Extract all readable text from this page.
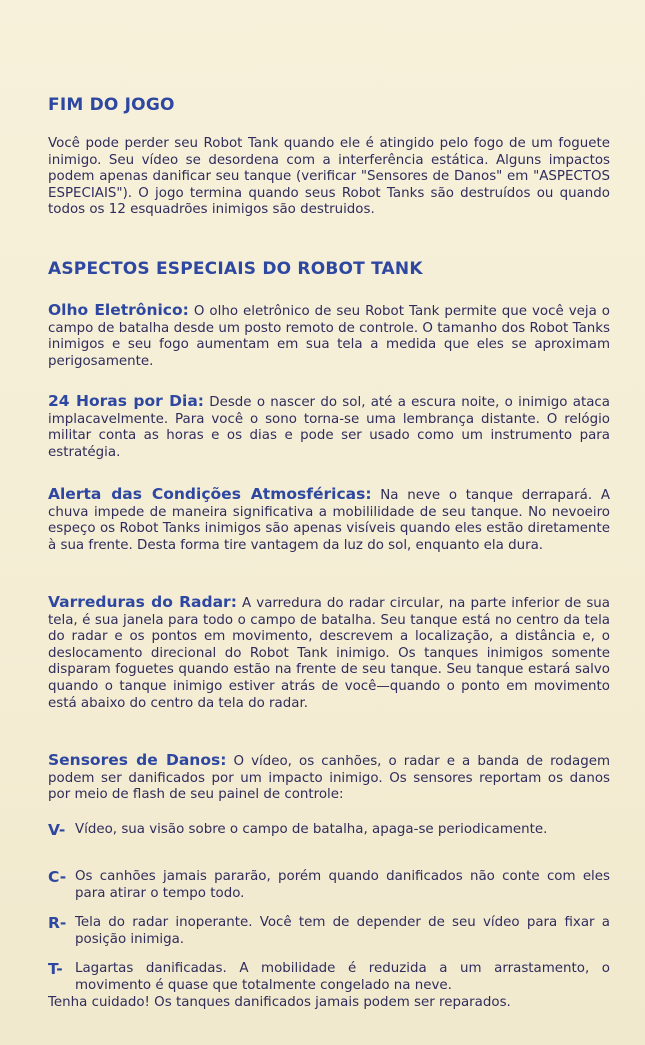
FIM DO JOGO

Você pode perder seu Robot Tank quando ele é atingido pelo fogo de um foguete inimigo. Seu vídeo se desordena com a interferência estática. Alguns impactos podem apenas danificar seu tanque (verificar "Sensores de Danos" em "ASPECTOS ESPECIAIS"). O jogo termina quando seus Robot Tanks são destruídos ou quando todos os 12 esquadrões inimigos são destruidos.

ASPECTOS ESPECIAIS DO ROBOT TANK

Olho Eletrônico: O olho eletrônico de seu Robot Tank permite que você veja o campo de batalha desde um posto remoto de controle. O tamanho dos Robot Tanks inimigos e seu fogo aumentam em sua tela a medida que eles se aproximam perigosamente.

24 Horas por Dia: Desde o nascer do sol, até a escura noite, o inimigo ataca implacavelmente. Para você o sono torna-se uma lembrança distante. O relógio militar conta as horas e os dias e pode ser usado como um instrumento para estratégia.

Alerta das Condições Atmosféricas: Na neve o tanque derrapará. A chuva impede de maneira significativa a mobililidade de seu tanque. No nevoeiro espeço os Robot Tanks inimigos são apenas visíveis quando eles estão diretamente à sua frente. Desta forma tire vantagem da luz do sol, enquanto ela dura.

Varreduras do Radar: A varredura do radar circular, na parte inferior de sua tela, é sua janela para todo o campo de batalha. Seu tanque está no centro da tela do radar e os pontos em movimento, descrevem a localização, a distância e, o deslocamento direcional do Robot Tank inimigo. Os tanques inimigos somente disparam foguetes quando estão na frente de seu tanque. Seu tanque estará salvo quando o tanque inimigo estiver atrás de você—quando o ponto em movimento está abaixo do centro da tela do radar.

Sensores de Danos: O vídeo, os canhões, o radar e a banda de rodagem podem ser danificados por um impacto inimigo. Os sensores reportam os danos por meio de flash de seu painel de controle:

V- Vídeo, sua visão sobre o campo de batalha, apaga-se periodicamente.
C- Os canhões jamais pararão, porém quando danificados não conte com eles para atirar o tempo todo.
R- Tela do radar inoperante. Você tem de depender de seu vídeo para fixar a posição inimiga.
T- Lagartas danificadas. A mobilidade é reduzida a um arrastamento, o movimento é quase que totalmente congelado na neve.

Tenha cuidado! Os tanques danificados jamais podem ser reparados.
